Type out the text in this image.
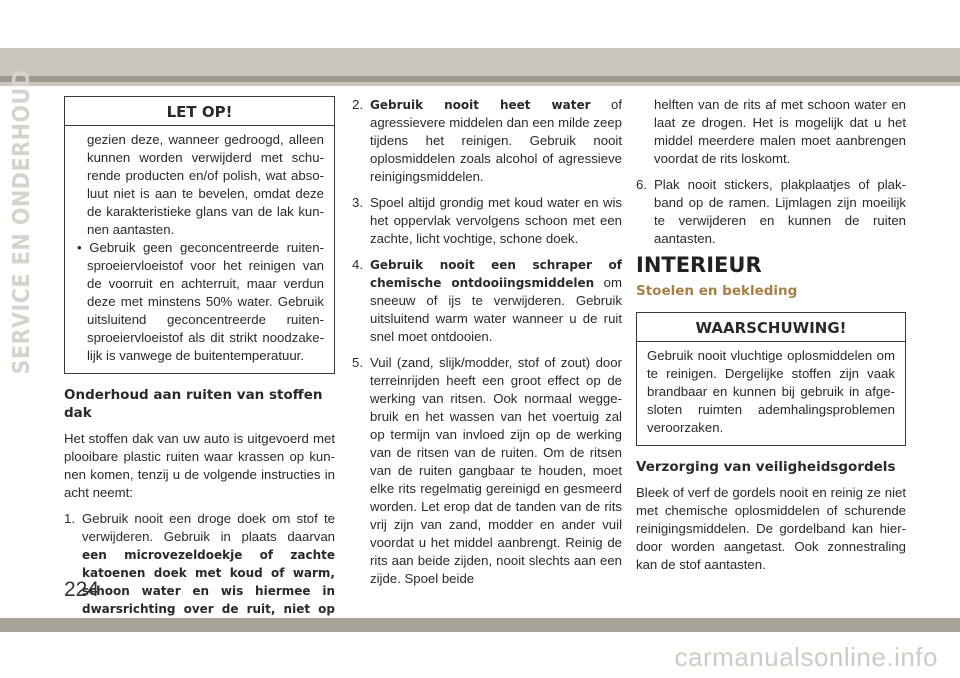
SERVICE EN ONDERHOUD	LET OP!
gezien deze, wanneer gedroogd, alleen kunnen worden verwijderd met schurende producten en/of polish, wat absoluut niet is aan te bevelen, omdat deze de karakteristieke glans van de lak kunnen aantasten.
• Gebruik geen geconcentreerde ruitensproeiervloeistof voor het reinigen van de voorruit en achterruit, maar verdun deze met minstens 50% water. Gebruik uitsluitend geconcentreerde ruitensproeiervloeistof als dit strikt noodzakelijk is vanwege de buitentemperatuur.
Onderhoud aan ruiten van stoffen dak

Het stoffen dak van uw auto is uitgevoerd met plooibare plastic ruiten waar krassen op kunnen komen, tenzij u de volgende instructies in acht neemt:

1. Gebruik nooit een droge doek om stof te verwijderen. Gebruik in plaats daarvan een microvezeldoekje of zachte katoenen doek met koud of warm, schoon water en wis hiermee in dwarsrichting over de ruit, niet op
2. Gebruik nooit heet water of agressievere middelen dan een milde zeep tijdens het reinigen. Gebruik nooit oplosmiddelen zoals alcohol of agressieve reinigingsmiddelen.
3. Spoel altijd grondig met koud water en wis het oppervlak vervolgens schoon met een zachte, licht vochtige, schone doek.
4. Gebruik nooit een schraper of chemische ontdooiingsmiddelen om sneeuw of ijs te verwijderen. Gebruik uitsluitend warm water wanneer u de ruit snel moet ontdooien.
5. Vuil (zand, slijk/modder, stof of zout) door terreinrijden heeft een groot effect op de werking van ritsen. Ook normaal weggebruik en het wassen van het voertuig zal op termijn van invloed zijn op de werking van de ritsen van de ruiten. Om de ritsen van de ruiten gangbaar te houden, moet elke rits regelmatig gereinigd en gesmeerd worden. Let erop dat de tanden van de rits vrij zijn van zand, modder en ander vuil voordat u het middel aanbrengt. Reinig de rits aan beide zijden, nooit slechts aan een zijde. Spoel beide
helften van de rits af met schoon water en laat ze drogen. Het is mogelijk dat u het middel meerdere malen moet aanbrengen voordat de rits loskomt.
6. Plak nooit stickers, plakplaatjes of plakband op de ramen. Lijmlagen zijn moeilijk te verwijderen en kunnen de ruiten aantasten.
INTERIEUR
Stoelen en bekleding
WAARSCHUWING!
Gebruik nooit vluchtige oplosmiddelen om te reinigen. Dergelijke stoffen zijn vaak brandbaar en kunnen bij gebruik in afgesloten ruimten ademhalingsproblemen veroorzaken.
Verzorging van veiligheidsgordels

Bleek of verf de gordels nooit en reinig ze niet met chemische oplosmiddelen of schurende reinigingsmiddelen. De gordelband kan hierdoor worden aangetast. Ook zonnestraling kan de stof aantasten.

224
carmanualsonline.info
